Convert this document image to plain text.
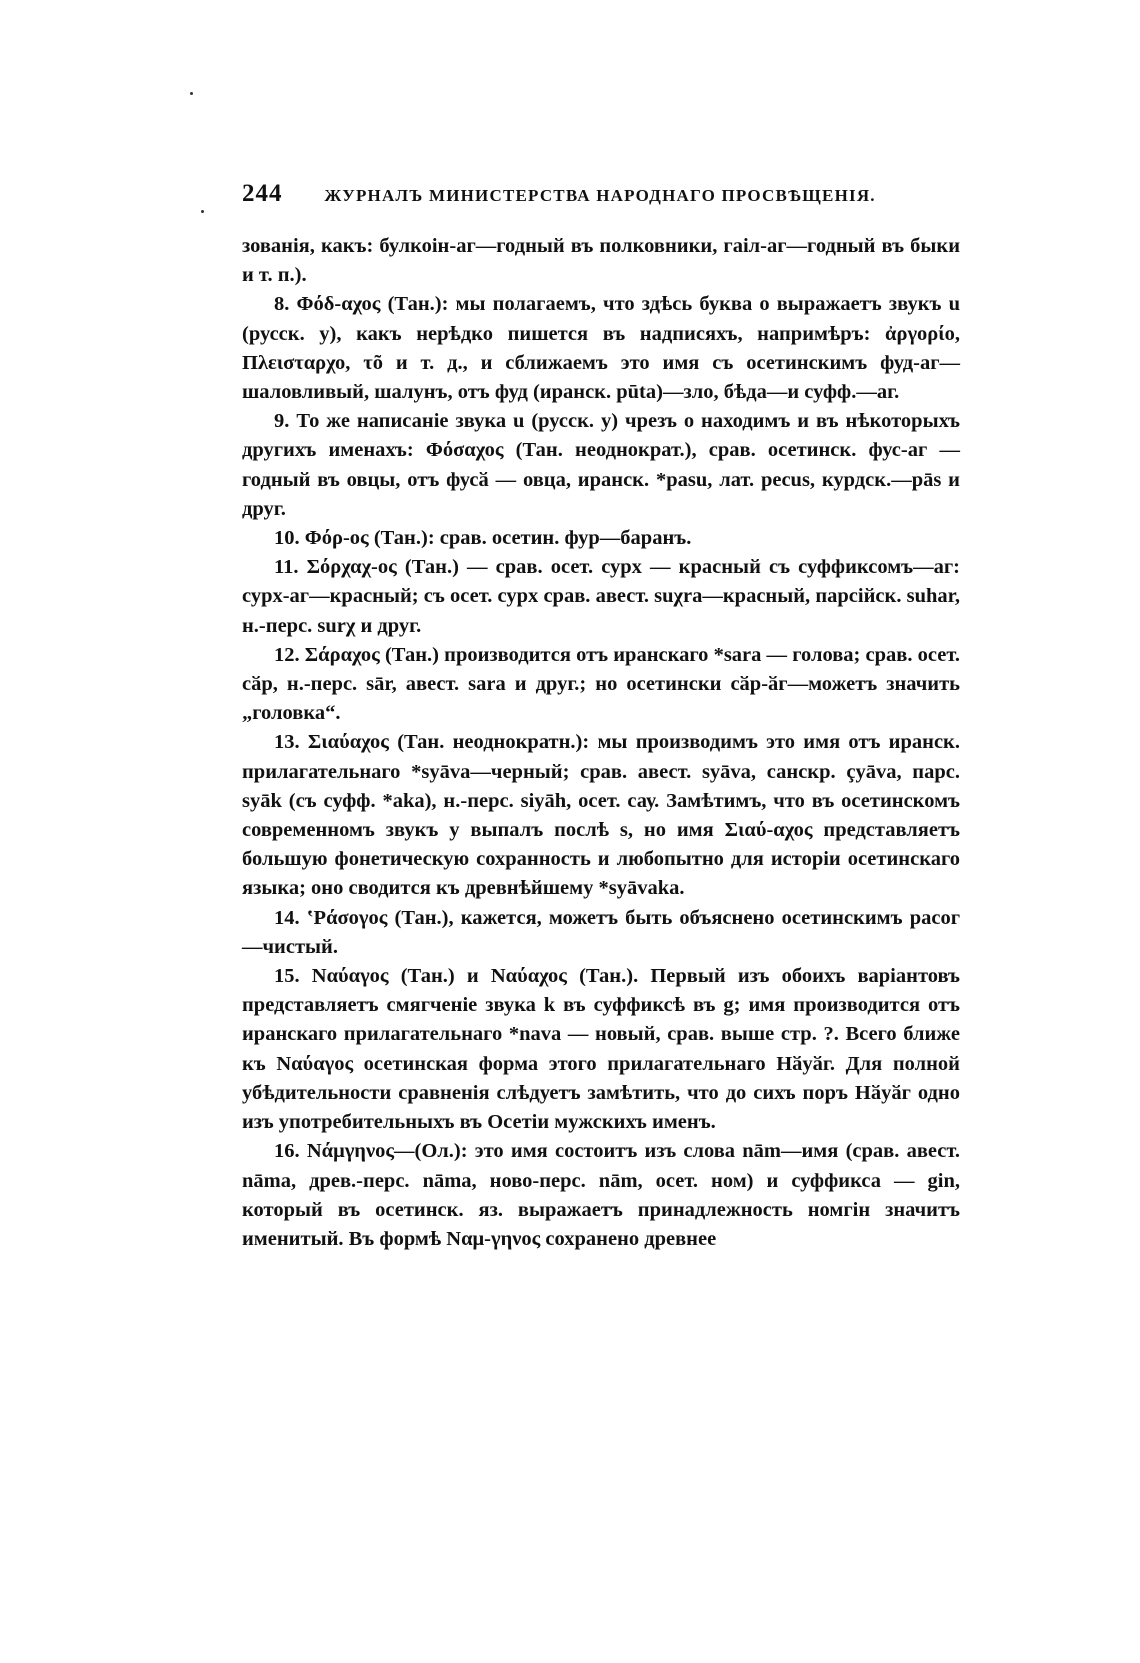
244 ЖУРНАЛЪ МИНИСТЕРСТВА НАРОДНАГО ПРОСВѢЩЕНІЯ.

зованія, какъ: булкоін-аг—годный въ полковники, гаіл-аг—годный въ быки и т. п.).

8. Φόδ-αχος (Тан.): мы полагаемъ, что здѣсь буква ο выражаетъ звукъ u (русск. у), какъ нерѣдко пишется въ надписяхъ, напримѣръ: ἀργορίο, Πλεισταρχο, τõ и т. д., и сближаемъ это имя съ осетинскимъ фуд-аг—шаловливый, шалунъ, отъ фуд (иранск. pūta)—зло, бѣда—и суфф.—аг.

9. То же написаніе звука u (русск. у) чрезъ ο находимъ и въ нѣкоторыхъ другихъ именахъ: Φόσαχος (Тан. неоднократ.), срав. осетинск. фус-аг — годный въ овцы, отъ фусӑ — овца, иранск. *pasu, лат. pecus, курдск.—pās и друг.

10. Φόρ-ος (Тан.): срав. осетин. фур—баранъ.

11. Σόρχαχ-ος (Тан.) — срав. осет. сурх — красный съ суффиксомъ—аг: сурх-аг—красный; съ осет. сурх срав. авест. suχra—красный, парсійск. suhar, н.-перс. surχ и друг.

12. Σάραχος (Тан.) производится отъ иранскаго *sara — голова; срав. осет. cӑр, н.-перс. sār, авест. sara и друг.; но осетински cӑр-ӑг—можетъ значить „головка“.

13. Σιαύαχος (Тан. неоднократн.): мы производимъ это имя отъ иранск. прилагательнаго *syāva—черный; срав. авест. syāva, санскр. çyāva, парс. syāk (съ суфф. *aka), н.-перс. siyāh, осет. сау. Замѣтимъ, что въ осетинскомъ современномъ звукъ y выпалъ послѣ s, но имя Σιαύ-αχος представляетъ большую фонетическую сохранность и любопытно для исторіи осетинскаго языка; оно сводится къ древнѣйшему *syāvaka.

14. ʽΡάσογος (Тан.), кажется, можетъ быть объяснено осетинскимъ расог—чистый.

15. Ναύαγος (Тан.) и Ναύαχος (Тан.). Первый изъ обоихъ варіантовъ представляетъ смягченіе звука k въ суффиксѣ въ g; имя производится отъ иранскаго прилагательнаго *nava — новый, срав. выше стр. ?. Всего ближе къ Ναύαγος осетинская форма этого прилагательнаго Нӑуӑг. Для полной убѣдительности сравненія слѣдуетъ замѣтить, что до сихъ поръ Нӑуӑг одно изъ употребительныхъ въ Осетіи мужскихъ именъ.

16. Νάμγηνος—(Ол.): это имя состоитъ изъ слова nām—имя (срав. авест. nāma, древ.-перс. nāma, ново-перс. nām, осет. ном) и суффикса — gin, который въ осетинск. яз. выражаетъ принадлежность номгін значитъ именитый. Въ формѣ Ναμ-γηνος сохранено древнее
